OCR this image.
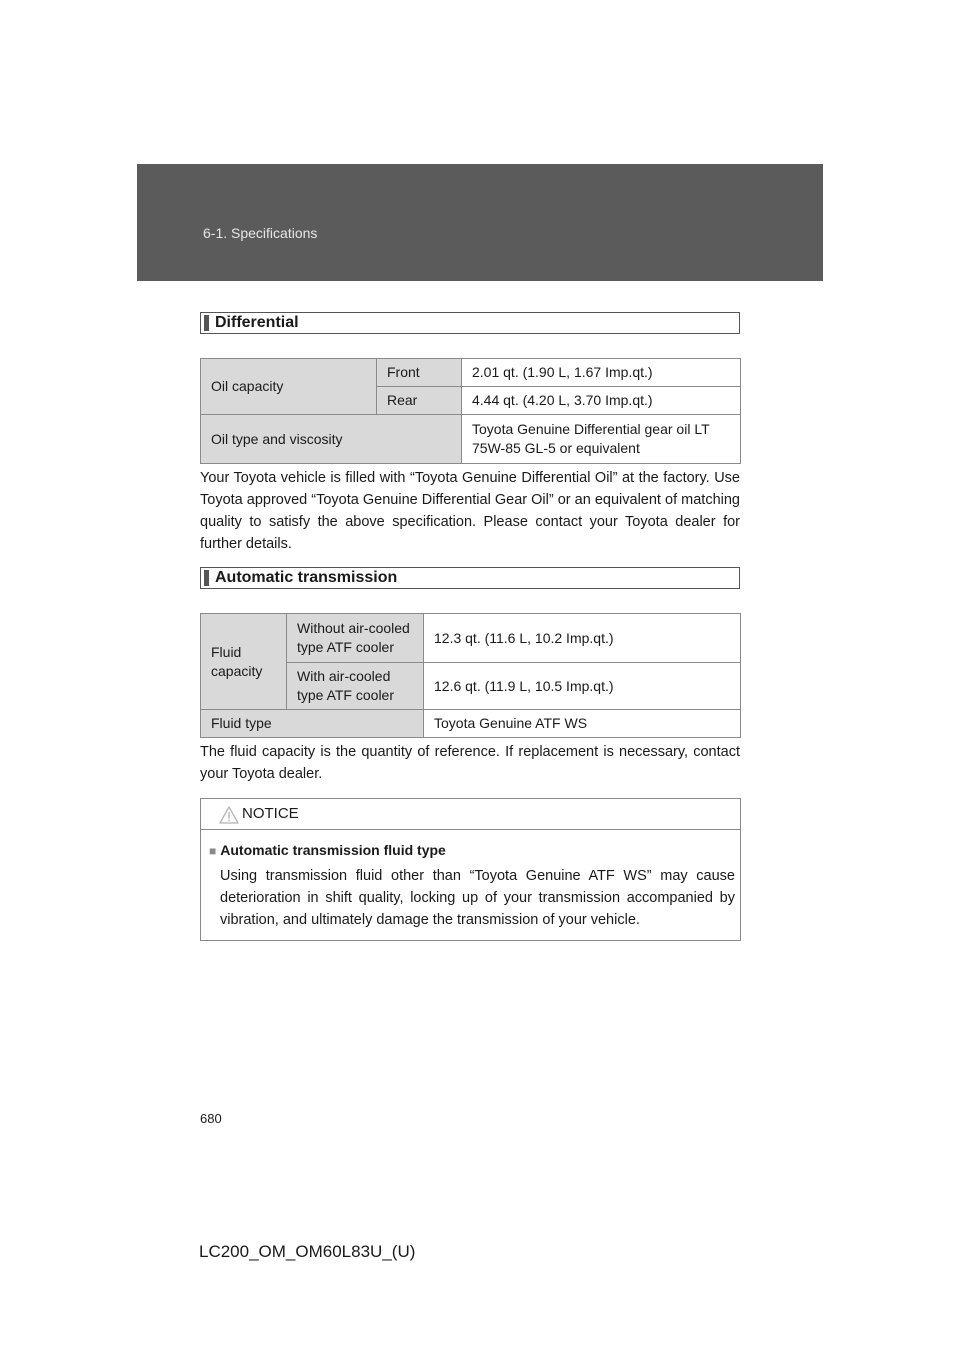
6-1. Specifications
Differential
Oil capacity	Front	2.01 qt. (1.90 L, 1.67 Imp.qt.)
	Rear	4.44 qt. (4.20 L, 3.70 Imp.qt.)
Oil type and viscosity		Toyota Genuine Differential gear oil LT 75W-85 GL-5 or equivalent

Your Toyota vehicle is filled with “Toyota Genuine Differential Oil” at the factory. Use Toyota approved “Toyota Genuine Differential Gear Oil” or an equivalent of matching quality to satisfy the above specification. Please contact your Toyota dealer for further details.

Automatic transmission
Fluid capacity	Without air-cooled type ATF cooler	12.3 qt. (11.6 L, 10.2 Imp.qt.)
	With air-cooled type ATF cooler	12.6 qt. (11.9 L, 10.5 Imp.qt.)
Fluid type		Toyota Genuine ATF WS

The fluid capacity is the quantity of reference. If replacement is necessary, contact your Toyota dealer.

NOTICE
■ Automatic transmission fluid type

Using transmission fluid other than “Toyota Genuine ATF WS” may cause deterioration in shift quality, locking up of your transmission accompanied by vibration, and ultimately damage the transmission of your vehicle.

680
LC200_OM_OM60L83U_(U)
